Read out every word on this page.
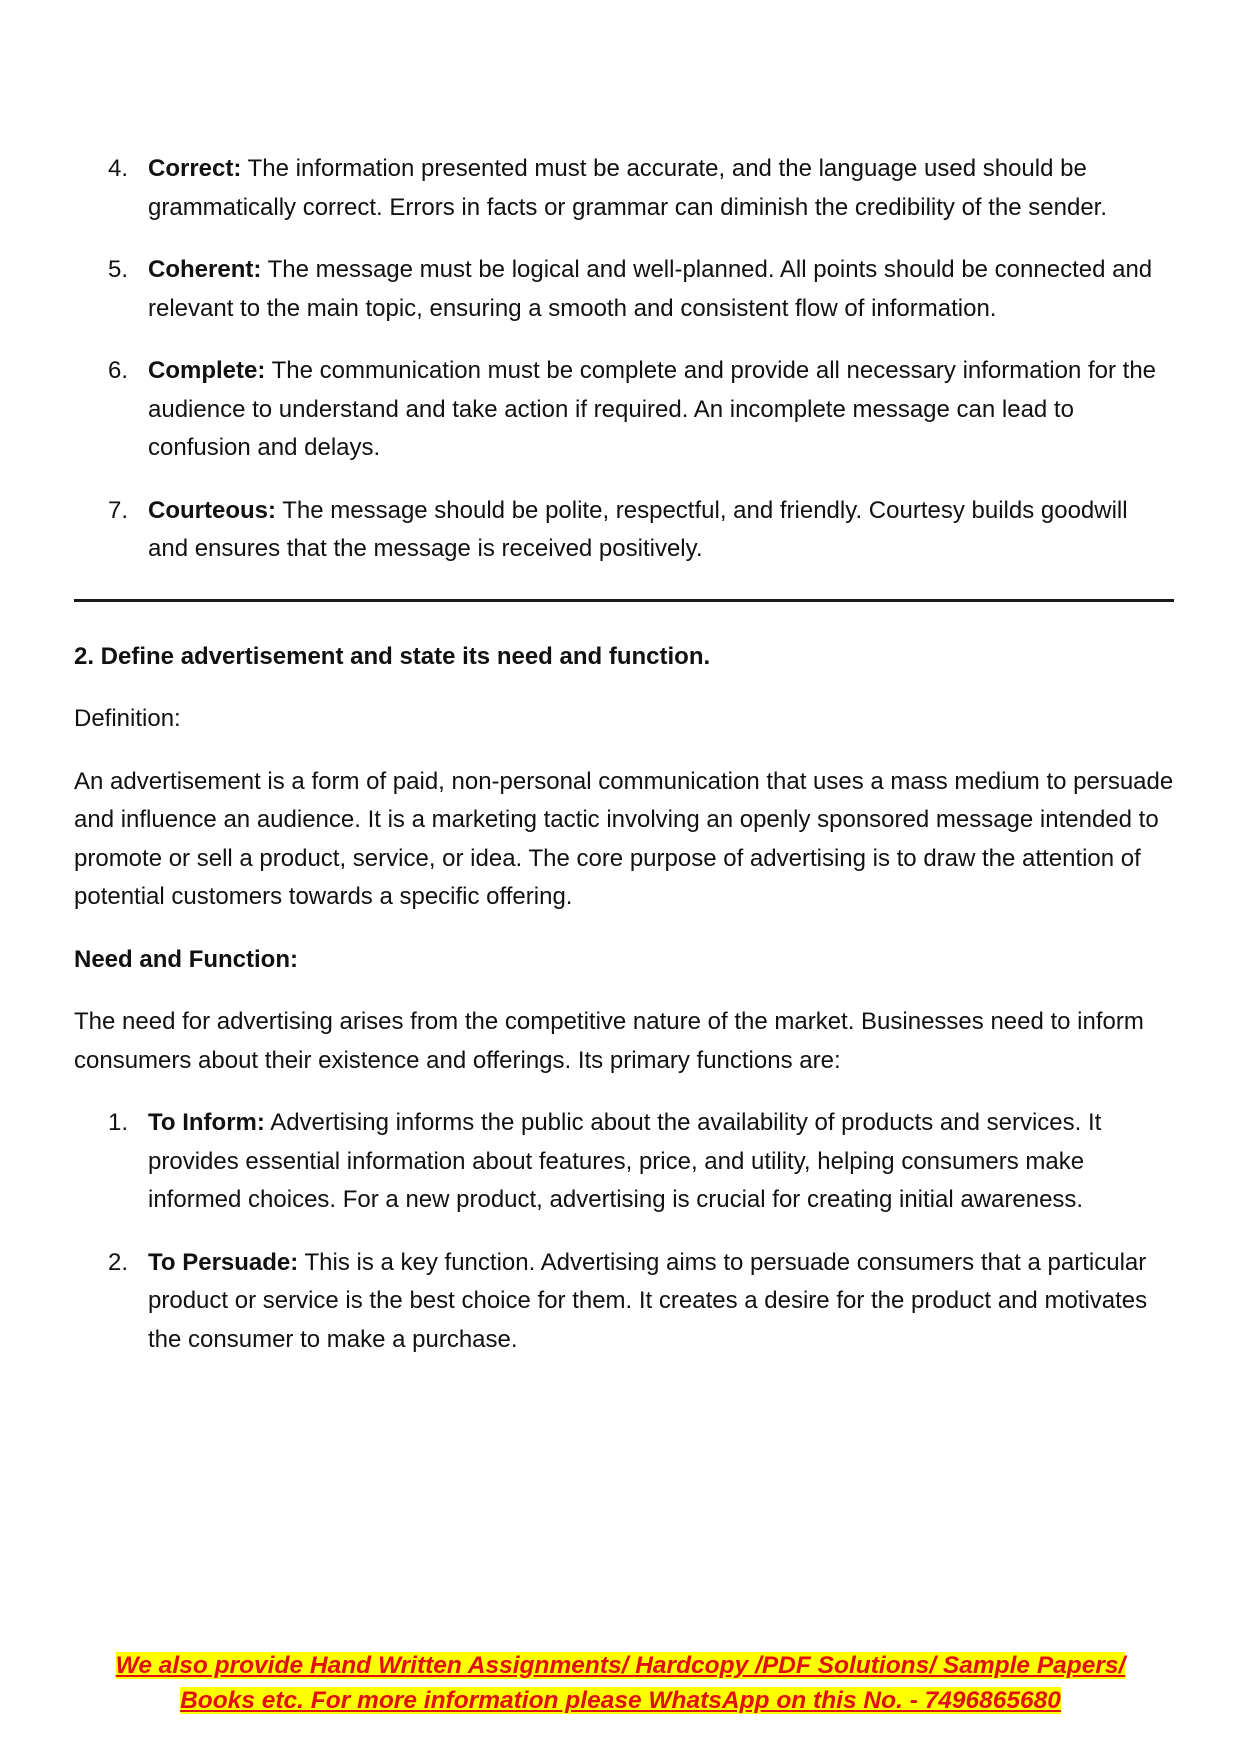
4. Correct: The information presented must be accurate, and the language used should be grammatically correct. Errors in facts or grammar can diminish the credibility of the sender.
5. Coherent: The message must be logical and well-planned. All points should be connected and relevant to the main topic, ensuring a smooth and consistent flow of information.
6. Complete: The communication must be complete and provide all necessary information for the audience to understand and take action if required. An incomplete message can lead to confusion and delays.
7. Courteous: The message should be polite, respectful, and friendly. Courtesy builds goodwill and ensures that the message is received positively.

2. Define advertisement and state its need and function.

Definition:

An advertisement is a form of paid, non-personal communication that uses a mass medium to persuade and influence an audience. It is a marketing tactic involving an openly sponsored message intended to promote or sell a product, service, or idea. The core purpose of advertising is to draw the attention of potential customers towards a specific offering.

Need and Function:

The need for advertising arises from the competitive nature of the market. Businesses need to inform consumers about their existence and offerings. Its primary functions are:

1. To Inform: Advertising informs the public about the availability of products and services. It provides essential information about features, price, and utility, helping consumers make informed choices. For a new product, advertising is crucial for creating initial awareness.
2. To Persuade: This is a key function. Advertising aims to persuade consumers that a particular product or service is the best choice for them. It creates a desire for the product and motivates the consumer to make a purchase.
We also provide Hand Written Assignments/ Hardcopy /PDF Solutions/ Sample Papers/
Books etc. For more information please WhatsApp on this No. - 7496865680
